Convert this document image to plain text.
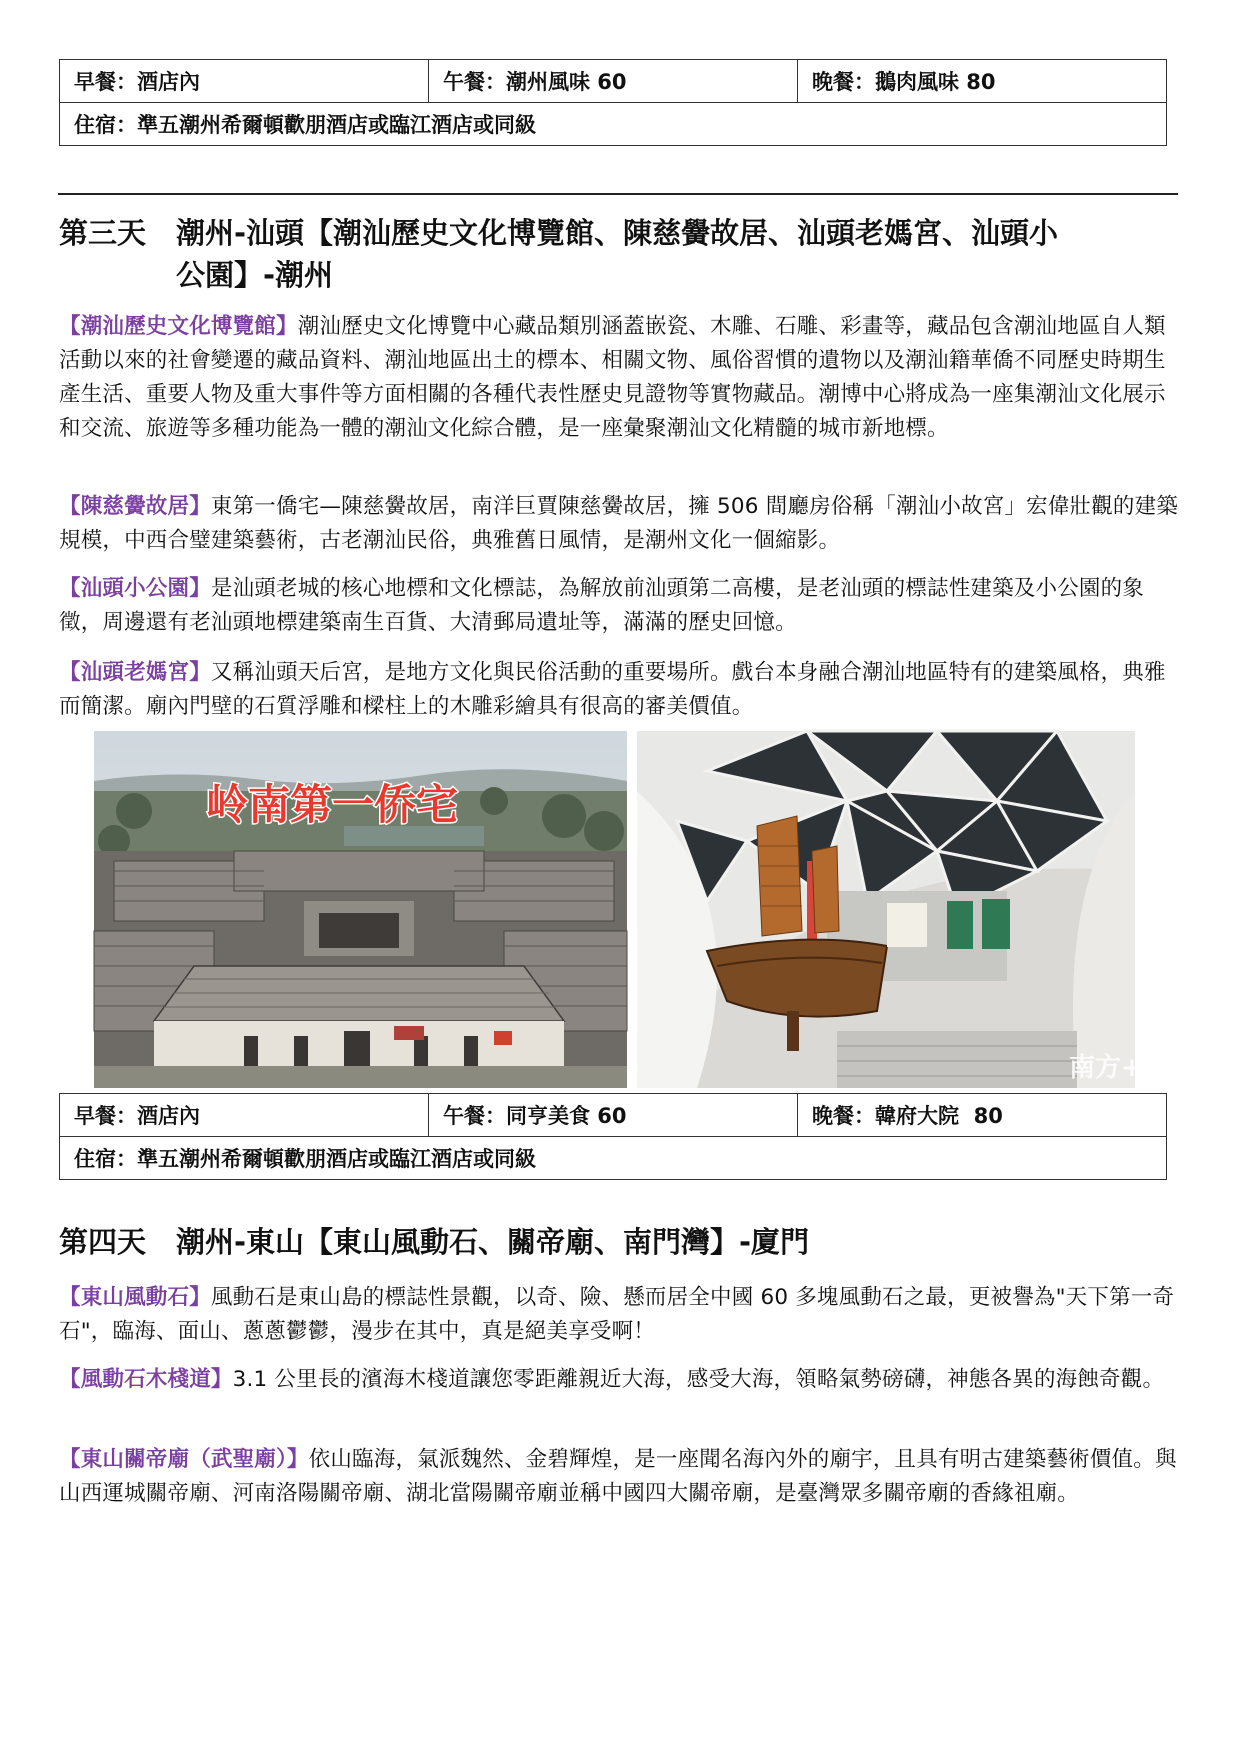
早餐：酒店內	午餐：潮州風味 60	晚餐：鵝肉風味 80
住宿：準五潮州希爾頓歡朋酒店或臨江酒店或同級
第三天 潮州-汕頭【潮汕歷史文化博覽館、陳慈黌故居、汕頭老媽宮、汕頭小
公園】-潮州

【潮汕歷史文化博覽館】潮汕歷史文化博覽中心藏品類別涵蓋嵌瓷、木雕、石雕、彩畫等，藏品包含潮汕地區自人類活動以來的社會變遷的藏品資料、潮汕地區出土的標本、相關文物、風俗習慣的遺物以及潮汕籍華僑不同歷史時期生產生活、重要人物及重大事件等方面相關的各種代表性歷史見證物等實物藏品。潮博中心將成為一座集潮汕文化展示和交流、旅遊等多種功能為一體的潮汕文化綜合體，是一座彙聚潮汕文化精髓的城市新地標。

【陳慈黌故居】東第一僑宅—陳慈黌故居，南洋巨賈陳慈黌故居，擁 506 間廳房俗稱「潮汕小故宮」宏偉壯觀的建築規模，中西合璧建築藝術，古老潮汕民俗，典雅舊日風情，是潮州文化一個縮影。

【汕頭小公園】是汕頭老城的核心地標和文化標誌，為解放前汕頭第二高樓，是老汕頭的標誌性建築及小公園的象徵，周邊還有老汕頭地標建築南生百貨、大清郵局遺址等，滿滿的歷史回憶。

【汕頭老媽宮】又稱汕頭天后宮，是地方文化與民俗活動的重要場所。戲台本身融合潮汕地區特有的建築風格，典雅而簡潔。廟內門壁的石質浮雕和樑柱上的木雕彩繪具有很高的審美價值。

岭南第一侨宅
南方+
早餐：酒店內	午餐：同亨美食 60	晚餐：韓府大院  80
住宿：準五潮州希爾頓歡朋酒店或臨江酒店或同級
第四天 潮州-東山【東山風動石、關帝廟、南門灣】-廈門

【東山風動石】風動石是東山島的標誌性景觀，以奇、險、懸而居全中國 60 多塊風動石之最，更被譽為"天下第一奇石"，臨海、面山、蔥蔥鬱鬱，漫步在其中，真是絕美享受啊！

【風動石木棧道】3.1 公里長的濱海木棧道讓您零距離親近大海，感受大海，領略氣勢磅礴，神態各異的海蝕奇觀。

【東山關帝廟（武聖廟）】依山臨海，氣派魏然、金碧輝煌，是一座聞名海內外的廟宇，且具有明古建築藝術價值。與山西運城關帝廟、河南洛陽關帝廟、湖北當陽關帝廟並稱中國四大關帝廟，是臺灣眾多關帝廟的香緣祖廟。
